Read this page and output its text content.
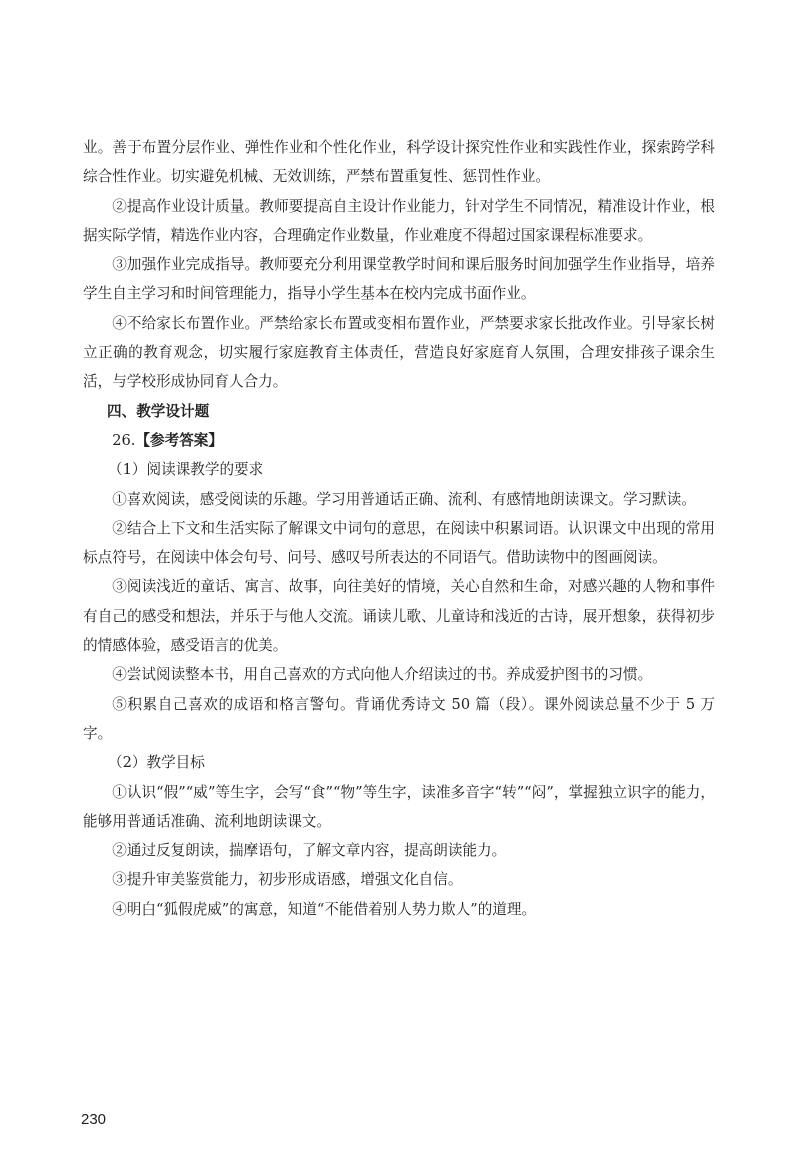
业。善于布置分层作业、弹性作业和个性化作业，科学设计探究性作业和实践性作业，探索跨学科综合性作业。切实避免机械、无效训练，严禁布置重复性、惩罚性作业。

②提高作业设计质量。教师要提高自主设计作业能力，针对学生不同情况，精准设计作业，根据实际学情，精选作业内容，合理确定作业数量，作业难度不得超过国家课程标准要求。

③加强作业完成指导。教师要充分利用课堂教学时间和课后服务时间加强学生作业指导，培养学生自主学习和时间管理能力，指导小学生基本在校内完成书面作业。

④不给家长布置作业。严禁给家长布置或变相布置作业，严禁要求家长批改作业。引导家长树立正确的教育观念，切实履行家庭教育主体责任，营造良好家庭育人氛围，合理安排孩子课余生活，与学校形成协同育人合力。

四、教学设计题

26.【参考答案】

（1）阅读课教学的要求

①喜欢阅读，感受阅读的乐趣。学习用普通话正确、流利、有感情地朗读课文。学习默读。

②结合上下文和生活实际了解课文中词句的意思，在阅读中积累词语。认识课文中出现的常用标点符号，在阅读中体会句号、问号、感叹号所表达的不同语气。借助读物中的图画阅读。

③阅读浅近的童话、寓言、故事，向往美好的情境，关心自然和生命，对感兴趣的人物和事件有自己的感受和想法，并乐于与他人交流。诵读儿歌、儿童诗和浅近的古诗，展开想象，获得初步的情感体验，感受语言的优美。

④尝试阅读整本书，用自己喜欢的方式向他人介绍读过的书。养成爱护图书的习惯。

⑤积累自己喜欢的成语和格言警句。背诵优秀诗文 50 篇（段）。课外阅读总量不少于 5 万字。

（2）教学目标

①认识“假”“威”等生字，会写“食”“物”等生字，读准多音字“转”“闷”，掌握独立识字的能力，能够用普通话准确、流利地朗读课文。

②通过反复朗读，揣摩语句，了解文章内容，提高朗读能力。

③提升审美鉴赏能力，初步形成语感，增强文化自信。

④明白“狐假虎威”的寓意，知道“不能借着别人势力欺人”的道理。

230
